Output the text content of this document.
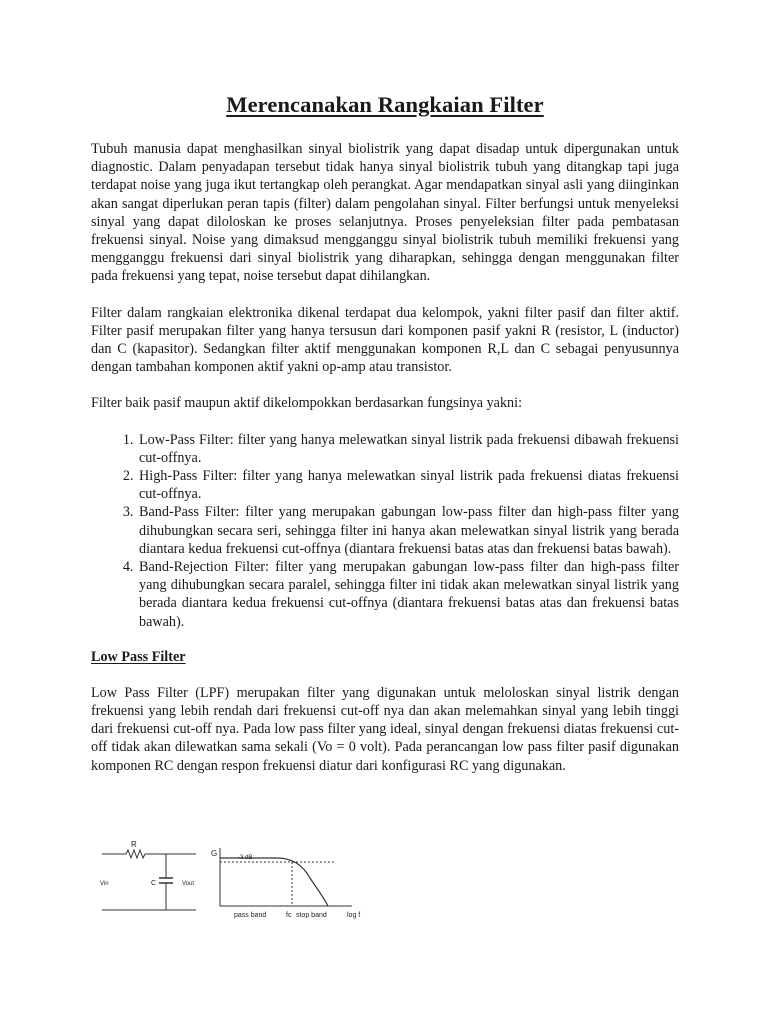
Merencanakan Rangkaian Filter

Tubuh manusia dapat menghasilkan sinyal biolistrik yang dapat disadap untuk dipergunakan untuk diagnostic. Dalam penyadapan tersebut tidak hanya sinyal biolistrik tubuh yang ditangkap tapi juga terdapat noise yang juga ikut tertangkap oleh perangkat. Agar mendapatkan sinyal asli yang diinginkan akan sangat diperlukan peran tapis (filter) dalam pengolahan sinyal. Filter berfungsi untuk menyeleksi sinyal yang dapat diloloskan ke proses selanjutnya. Proses penyeleksian filter pada pembatasan frekuensi sinyal. Noise yang dimaksud mengganggu sinyal biolistrik tubuh memiliki frekuensi yang mengganggu frekuensi dari sinyal biolistrik yang diharapkan, sehingga dengan menggunakan filter pada frekuensi yang tepat, noise tersebut dapat dihilangkan.

Filter dalam rangkaian elektronika dikenal terdapat dua kelompok, yakni filter pasif dan filter aktif. Filter pasif merupakan filter yang hanya tersusun dari komponen pasif yakni R (resistor, L (inductor) dan C (kapasitor). Sedangkan filter aktif menggunakan komponen R,L dan C sebagai penyusunnya dengan tambahan komponen aktif yakni op-amp atau transistor.

Filter baik pasif maupun aktif dikelompokkan berdasarkan fungsinya yakni:

1. Low-Pass Filter: filter yang hanya melewatkan sinyal listrik pada frekuensi dibawah frekuensi cut-offnya.
2. High-Pass Filter: filter yang hanya melewatkan sinyal listrik pada frekuensi diatas frekuensi cut-offnya.
3. Band-Pass Filter: filter yang merupakan gabungan low-pass filter dan high-pass filter yang dihubungkan secara seri, sehingga filter ini hanya akan melewatkan sinyal listrik yang berada diantara kedua frekuensi cut-offnya (diantara frekuensi batas atas dan frekuensi batas bawah).
4. Band-Rejection Filter: filter yang merupakan gabungan low-pass filter dan high-pass filter yang dihubungkan secara paralel, sehingga filter ini tidak akan melewatkan sinyal listrik yang berada diantara kedua frekuensi cut-offnya (diantara frekuensi batas atas dan frekuensi batas bawah).
Low Pass Filter

Low Pass Filter (LPF) merupakan filter yang digunakan untuk meloloskan sinyal listrik dengan frekuensi yang lebih rendah dari frekuensi cut-off nya dan akan melemahkan sinyal yang lebih tinggi dari frekuensi cut-off nya. Pada low pass filter yang ideal, sinyal dengan frekuensi diatas frekuensi cut-off tidak akan dilewatkan sama sekali (Vo = 0 volt). Pada perancangan low pass filter pasif digunakan komponen RC dengan respon frekuensi diatur dari konfigurasi RC yang digunakan.

R
C
Vin	Vout
G	-3 dB
pass band	fc stop band	log f
